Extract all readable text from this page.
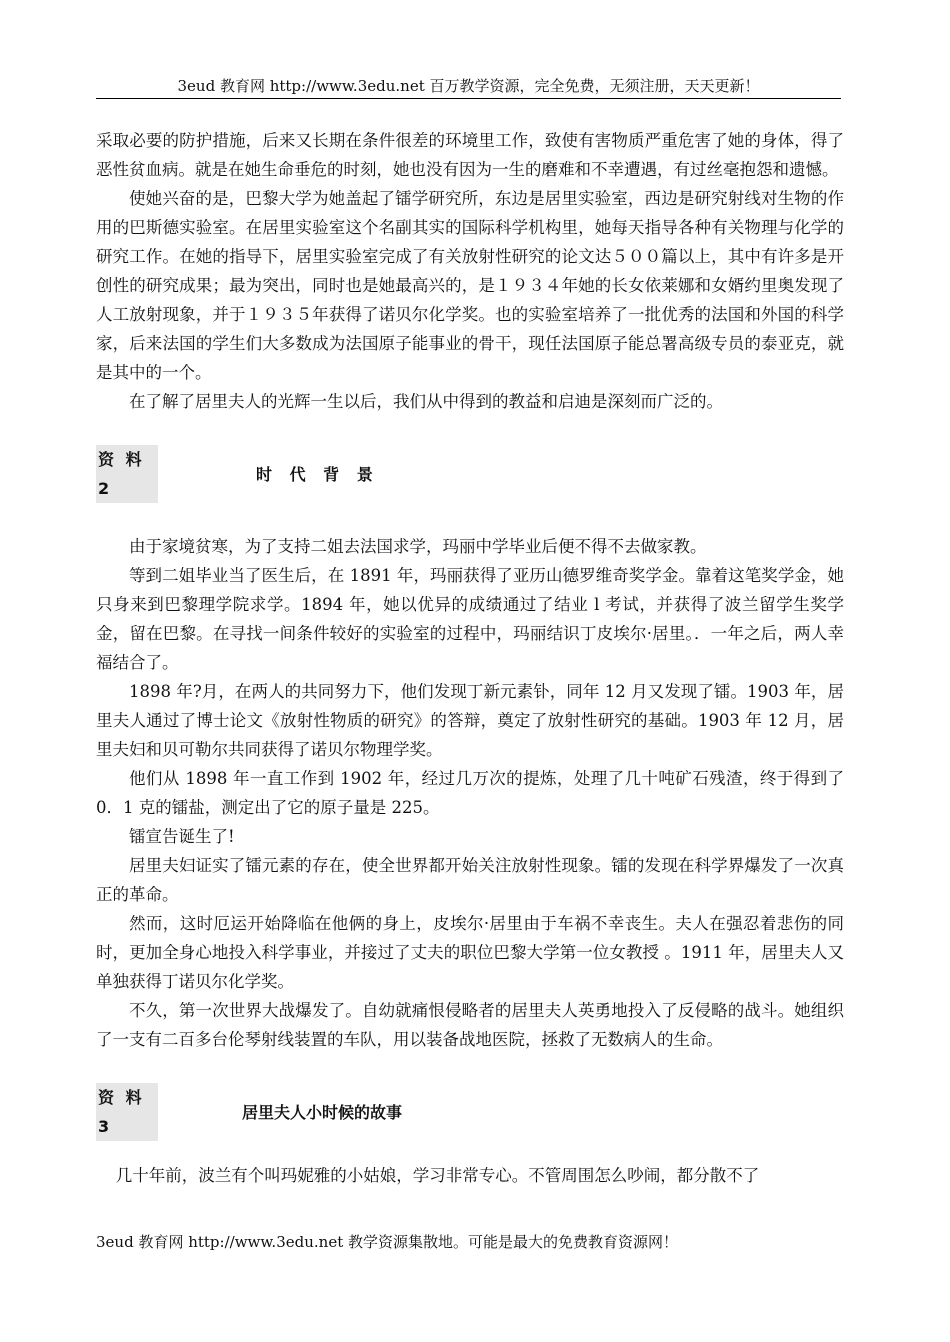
3eud 教育网 http://www.3edu.net 百万教学资源，完全免费，无须注册，天天更新！

采取必要的防护措施，后来又长期在条件很差的环境里工作，致使有害物质严重危害了她的身体，得了恶性贫血病。就是在她生命垂危的时刻，她也没有因为一生的磨难和不幸遭遇，有过丝毫抱怨和遗憾。

使她兴奋的是，巴黎大学为她盖起了镭学研究所，东边是居里实验室，西边是研究射线对生物的作用的巴斯德实验室。在居里实验室这个名副其实的国际科学机构里，她每天指导各种有关物理与化学的研究工作。在她的指导下，居里实验室完成了有关放射性研究的论文达５００篇以上，其中有许多是开创性的研究成果；最为突出，同时也是她最高兴的，是１９３４年她的长女依莱娜和女婿约里奥发现了人工放射现象，并于１９３５年获得了诺贝尔化学奖。也的实验室培养了一批优秀的法国和外国的科学家，后来法国的学生们大多数成为法国原子能事业的骨干，现任法国原子能总署高级专员的泰亚克，就是其中的一个。

在了解了居里夫人的光辉一生以后，我们从中得到的教益和启迪是深刻而广泛的。

资 料 2
时 代 背 景

由于家境贫寒，为了支持二姐去法国求学，玛丽中学毕业后便不得不去做家教。

等到二姐毕业当了医生后，在 1891 年，玛丽获得了亚历山德罗维奇奖学金。靠着这笔奖学金，她只身来到巴黎理学院求学。1894 年，她以优异的成绩通过了结业 l 考试，并获得了波兰留学生奖学金，留在巴黎。在寻找一间条件较好的实验室的过程中，玛丽结识丁皮埃尔·居里。．一年之后，两人幸福结合了。

1898 年?月，在两人的共同努力下，他们发现丁新元素钋，同年 12 月又发现了镭。1903 年，居里夫人通过了博士论文《放射性物质的研究》的答辩，奠定了放射性研究的基础。1903 年 12 月，居里夫妇和贝可勒尔共同获得了诺贝尔物理学奖。

他们从 1898 年一直工作到 1902 年，经过几万次的提炼，处理了几十吨矿石残渣，终于得到了 0．1 克的镭盐，测定出了它的原子量是 225。

镭宣告诞生了!

居里夫妇证实了镭元素的存在，使全世界都开始关注放射性现象。镭的发现在科学界爆发了一次真正的革命。

然而，这时厄运开始降临在他俩的身上，皮埃尔·居里由于车祸不幸丧生。夫人在强忍着悲伤的同时，更加全身心地投入科学事业，并接过了丈夫的职位巴黎大学第一位女教授 。1911 年，居里夫人又单独获得丁诺贝尔化学奖。

不久，第一次世界大战爆发了。自幼就痛恨侵略者的居里夫人英勇地投入了反侵略的战斗。她组织了一支有二百多台伦琴射线装置的车队，用以装备战地医院，拯救了无数病人的生命。

资 料 3
居里夫人小时候的故事

几十年前，波兰有个叫玛妮雅的小姑娘，学习非常专心。不管周围怎么吵闹，都分散不了

3eud 教育网 http://www.3edu.net 教学资源集散地。可能是最大的免费教育资源网！
